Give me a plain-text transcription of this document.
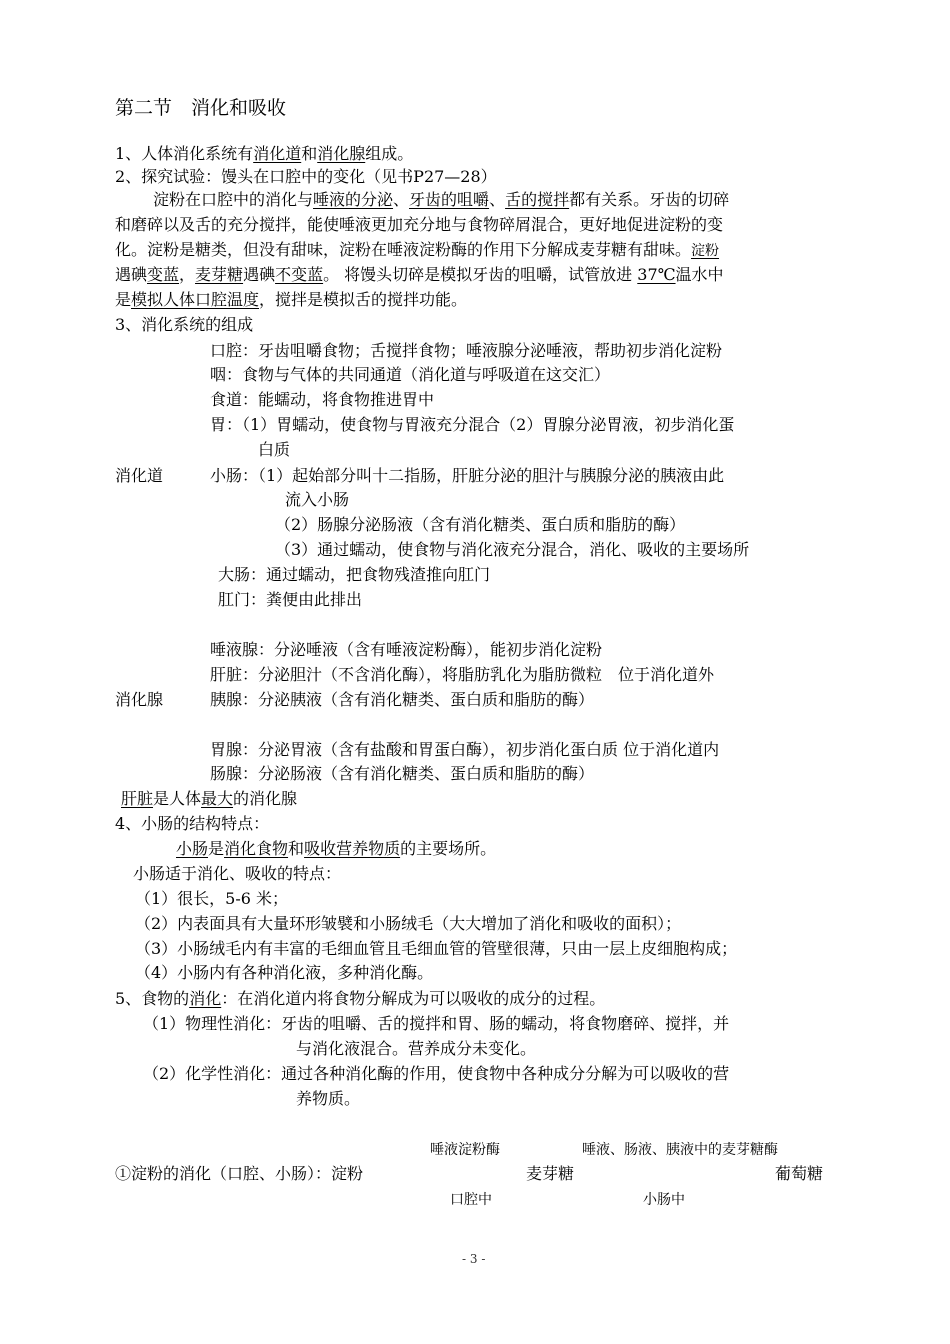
第二节　消化和吸收
1、人体消化系统有消化道和消化腺组成。
2、探究试验：馒头在口腔中的变化（见书P27—28）
淀粉在口腔中的消化与唾液的分泌、牙齿的咀嚼、舌的搅拌都有关系。牙齿的切碎
和磨碎以及舌的充分搅拌，能使唾液更加充分地与食物碎屑混合，更好地促进淀粉的变
化。淀粉是糖类，但没有甜味，淀粉在唾液淀粉酶的作用下分解成麦芽糖有甜味。淀粉
遇碘变蓝，麦芽糖遇碘不变蓝。 将馒头切碎是模拟牙齿的咀嚼，试管放进 37℃温水中
是模拟人体口腔温度，搅拌是模拟舌的搅拌功能。
3、消化系统的组成
口腔：牙齿咀嚼食物；舌搅拌食物；唾液腺分泌唾液，帮助初步消化淀粉
咽：食物与气体的共同通道（消化道与呼吸道在这交汇）
食道：能蠕动，将食物推进胃中
胃：（1）胃蠕动，使食物与胃液充分混合（2）胃腺分泌胃液，初步消化蛋
白质
消化道	小肠：（1）起始部分叫十二指肠，肝脏分泌的胆汁与胰腺分泌的胰液由此
流入小肠
（2）肠腺分泌肠液（含有消化糖类、蛋白质和脂肪的酶）
（3）通过蠕动，使食物与消化液充分混合，消化、吸收的主要场所
大肠：通过蠕动，把食物残渣推向肛门
肛门：粪便由此排出
唾液腺：分泌唾液（含有唾液淀粉酶），能初步消化淀粉
肝脏：分泌胆汁（不含消化酶），将脂肪乳化为脂肪微粒　位于消化道外
消化腺	胰腺：分泌胰液（含有消化糖类、蛋白质和脂肪的酶）
胃腺：分泌胃液（含有盐酸和胃蛋白酶），初步消化蛋白质 位于消化道内
肠腺：分泌肠液（含有消化糖类、蛋白质和脂肪的酶）
肝脏是人体最大的消化腺
4、小肠的结构特点：
小肠是消化食物和吸收营养物质的主要场所。
小肠适于消化、吸收的特点：
（1）很长，5-6 米；
（2）内表面具有大量环形皱襞和小肠绒毛（大大增加了消化和吸收的面积）；
（3）小肠绒毛内有丰富的毛细血管且毛细血管的管壁很薄，只由一层上皮细胞构成；
（4）小肠内有各种消化液，多种消化酶。
5、食物的消化：在消化道内将食物分解成为可以吸收的成分的过程。
（1）物理性消化：牙齿的咀嚼、舌的搅拌和胃、肠的蠕动，将食物磨碎、搅拌，并
与消化液混合。营养成分未变化。
（2）化学性消化：通过各种消化酶的作用，使食物中各种成分分解为可以吸收的营
养物质。
唾液淀粉酶	唾液、肠液、胰液中的麦芽糖酶
①淀粉的消化（口腔、小肠）：淀粉	麦芽糖	葡萄糖
口腔中	小肠中
- 3 -
